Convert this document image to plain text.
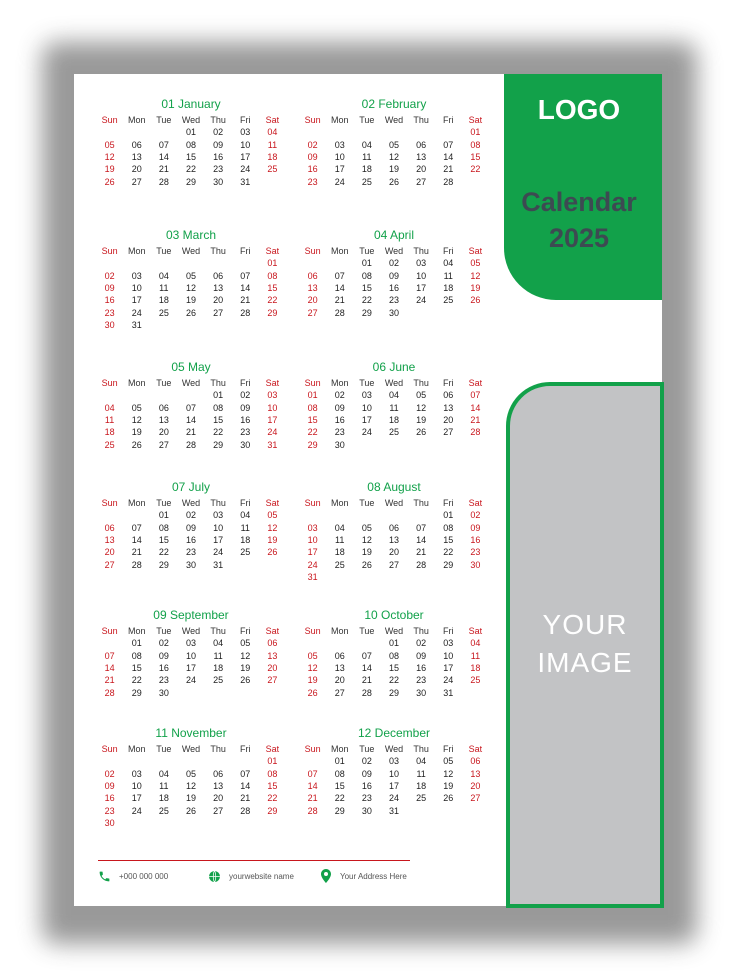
LOGO
Calendar
2025
YOUR
IMAGE
01 January
Sun	Mon	Tue	Wed	Thu	Fri	Sat
			01	02	03	04
05	06	07	08	09	10	11
12	13	14	15	16	17	18
19	20	21	22	23	24	25
26	27	28	29	30	31	
02 February
Sun	Mon	Tue	Wed	Thu	Fri	Sat
						01
02	03	04	05	06	07	08
09	10	11	12	13	14	15
16	17	18	19	20	21	22
23	24	25	26	27	28	
03 March
Sun	Mon	Tue	Wed	Thu	Fri	Sat
						01
02	03	04	05	06	07	08
09	10	11	12	13	14	15
16	17	18	19	20	21	22
23	24	25	26	27	28	29
30	31					
04 April
Sun	Mon	Tue	Wed	Thu	Fri	Sat
		01	02	03	04	05
06	07	08	09	10	11	12
13	14	15	16	17	18	19
20	21	22	23	24	25	26
27	28	29	30			
05 May
Sun	Mon	Tue	Wed	Thu	Fri	Sat
				01	02	03
04	05	06	07	08	09	10
11	12	13	14	15	16	17
18	19	20	21	22	23	24
25	26	27	28	29	30	31
06 June
Sun	Mon	Tue	Wed	Thu	Fri	Sat
01	02	03	04	05	06	07
08	09	10	11	12	13	14
15	16	17	18	19	20	21
22	23	24	25	26	27	28
29	30					
07 July
Sun	Mon	Tue	Wed	Thu	Fri	Sat
		01	02	03	04	05
06	07	08	09	10	11	12
13	14	15	16	17	18	19
20	21	22	23	24	25	26
27	28	29	30	31		
08 August
Sun	Mon	Tue	Wed	Thu	Fri	Sat
					01	02
03	04	05	06	07	08	09
10	11	12	13	14	15	16
17	18	19	20	21	22	23
24	25	26	27	28	29	30
31						
09 September
Sun	Mon	Tue	Wed	Thu	Fri	Sat
	01	02	03	04	05	06
07	08	09	10	11	12	13
14	15	16	17	18	19	20
21	22	23	24	25	26	27
28	29	30				
10 October
Sun	Mon	Tue	Wed	Thu	Fri	Sat
			01	02	03	04
05	06	07	08	09	10	11
12	13	14	15	16	17	18
19	20	21	22	23	24	25
26	27	28	29	30	31	
11 November
Sun	Mon	Tue	Wed	Thu	Fri	Sat
						01
02	03	04	05	06	07	08
09	10	11	12	13	14	15
16	17	18	19	20	21	22
23	24	25	26	27	28	29
30						
12 December
Sun	Mon	Tue	Wed	Thu	Fri	Sat
	01	02	03	04	05	06
07	08	09	10	11	12	13
14	15	16	17	18	19	20
21	22	23	24	25	26	27
28	29	30	31			
+000 000 000	yourwebsite name	Your Address Here
